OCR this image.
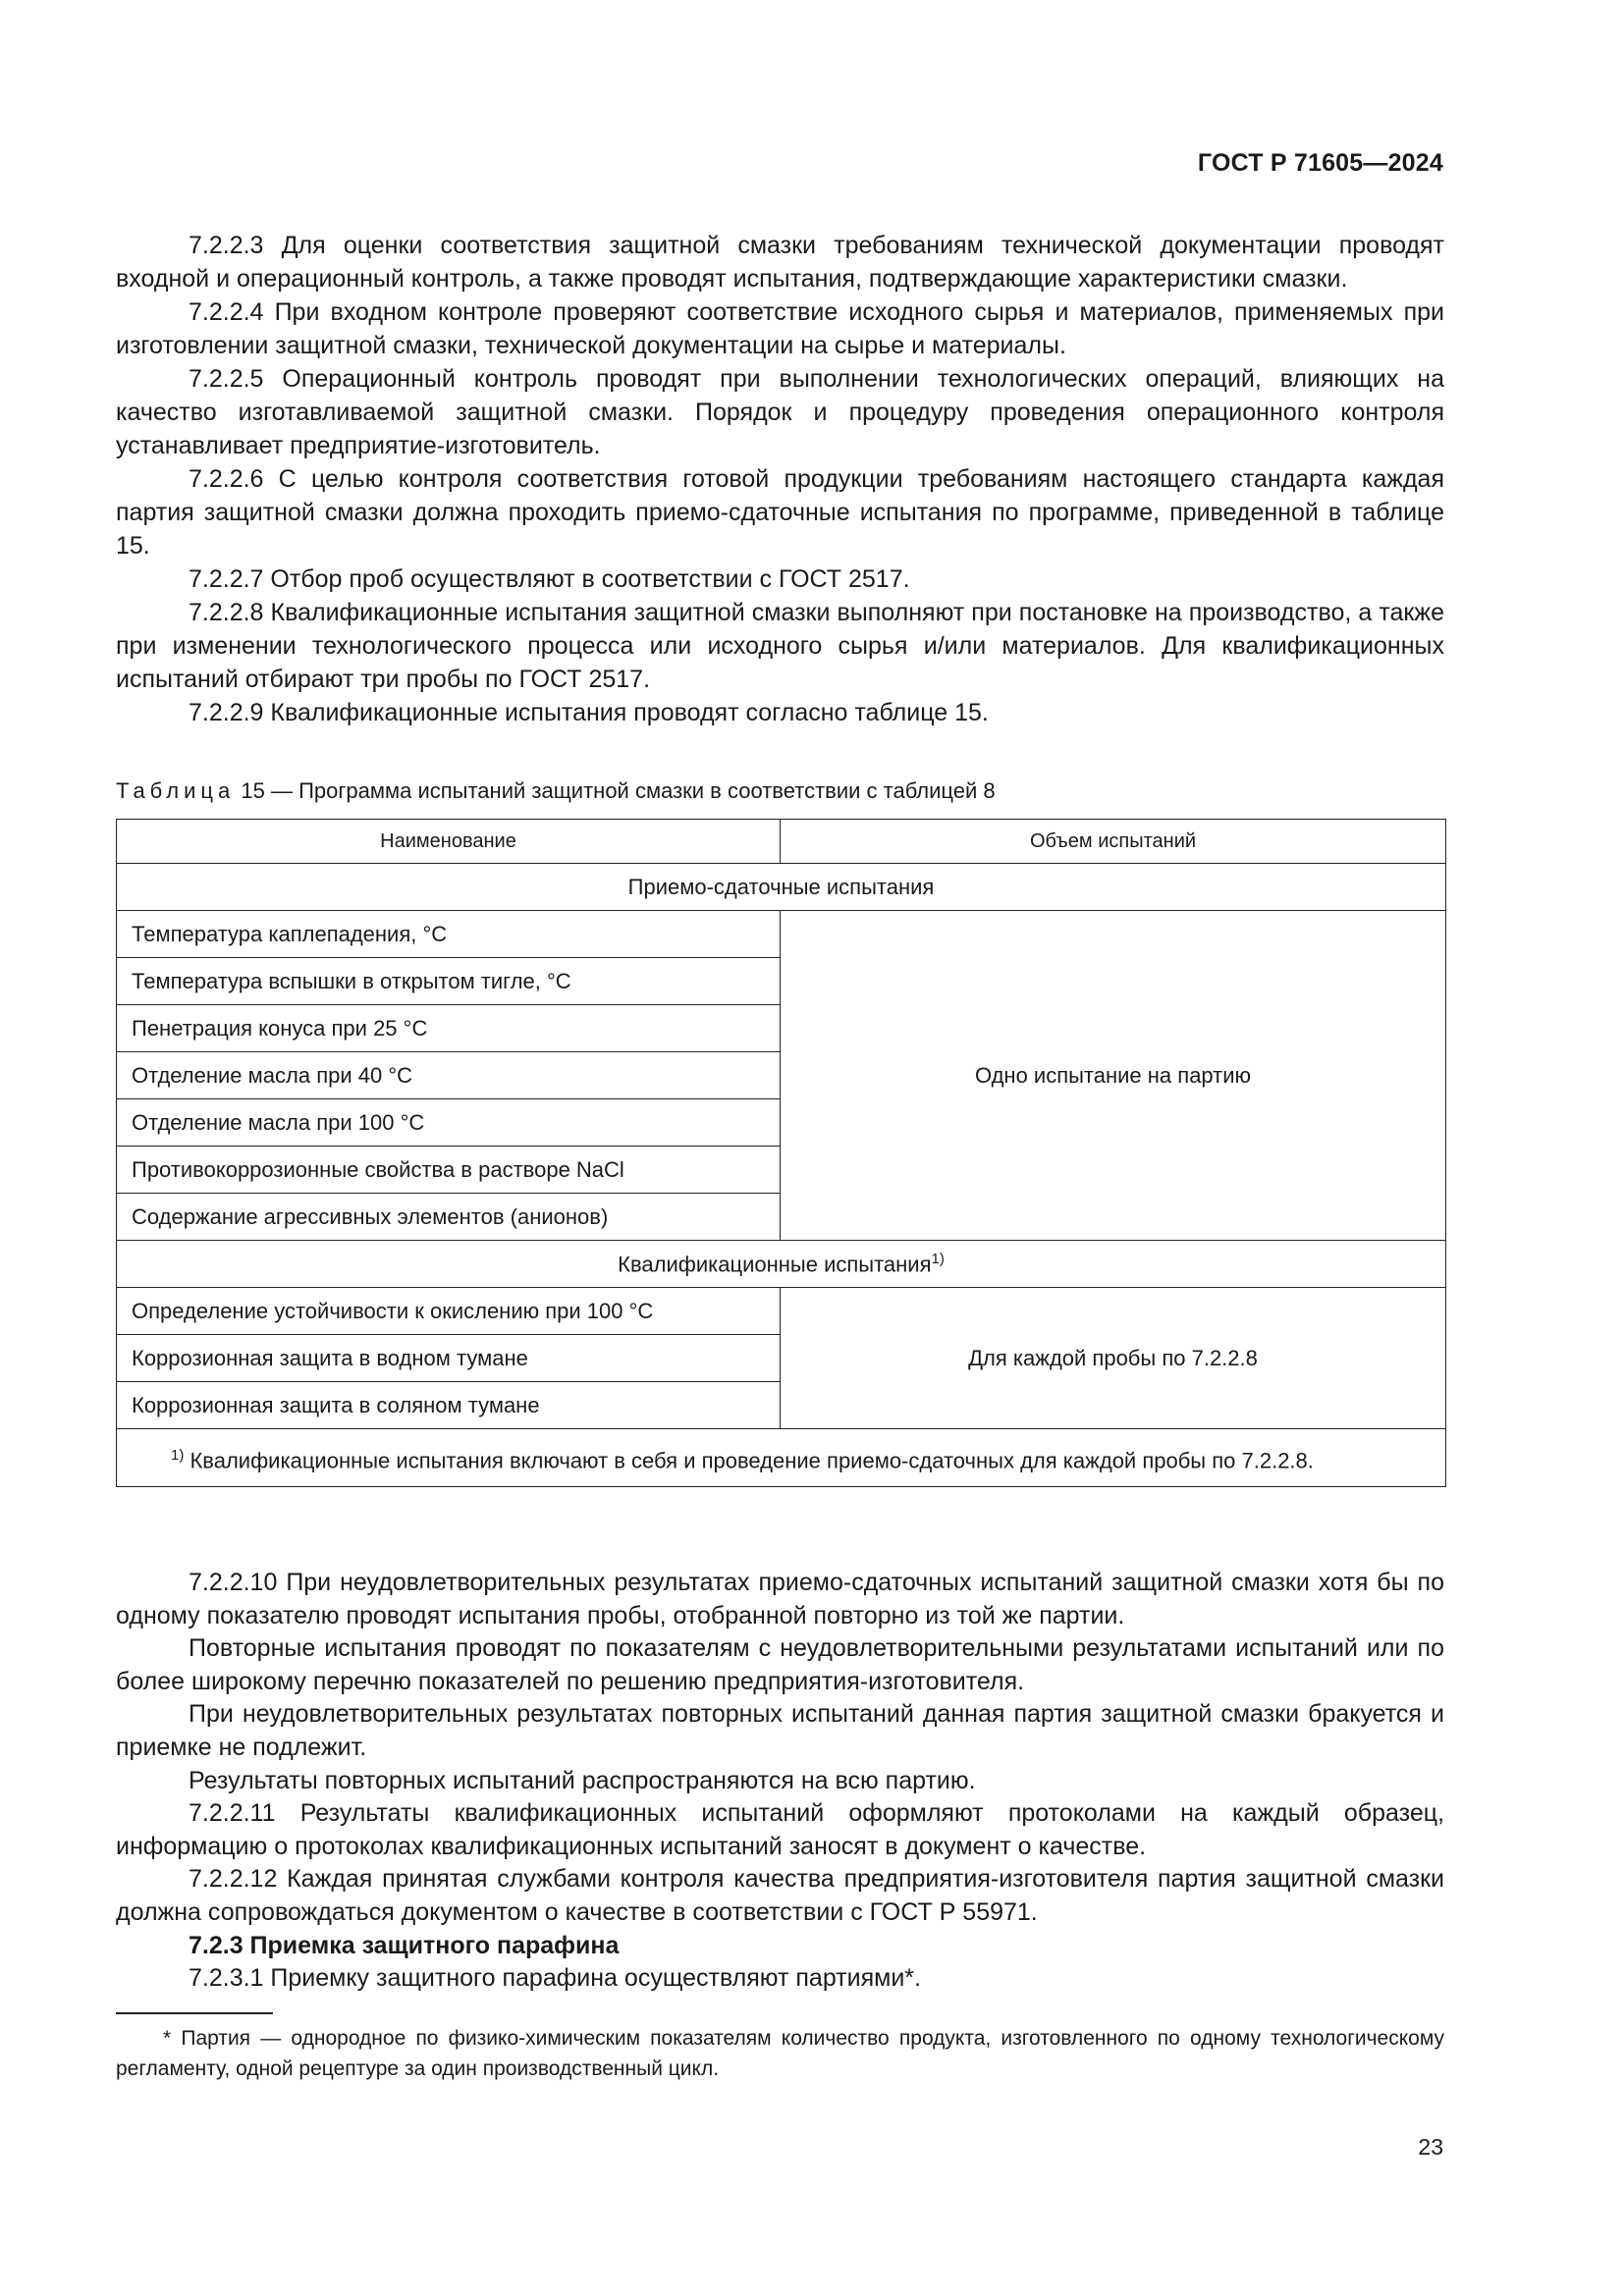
ГОСТ Р 71605—2024

7.2.2.3 Для оценки соответствия защитной смазки требованиям технической документации проводят входной и операционный контроль, а также проводят испытания, подтверждающие характеристики смазки.

7.2.2.4 При входном контроле проверяют соответствие исходного сырья и материалов, применяемых при изготовлении защитной смазки, технической документации на сырье и материалы.

7.2.2.5 Операционный контроль проводят при выполнении технологических операций, влияющих на качество изготавливаемой защитной смазки. Порядок и процедуру проведения операционного контроля устанавливает предприятие-изготовитель.

7.2.2.6 С целью контроля соответствия готовой продукции требованиям настоящего стандарта каждая партия защитной смазки должна проходить приемо-сдаточные испытания по программе, приведенной в таблице 15.

7.2.2.7 Отбор проб осуществляют в соответствии с ГОСТ 2517.

7.2.2.8 Квалификационные испытания защитной смазки выполняют при постановке на производство, а также при изменении технологического процесса или исходного сырья и/или материалов. Для квалификационных испытаний отбирают три пробы по ГОСТ 2517.

7.2.2.9 Квалификационные испытания проводят согласно таблице 15.

Таблица 15 — Программа испытаний защитной смазки в соответствии с таблицей 8
Наименование	Объем испытаний
Приемо-сдаточные испытания	
Температура каплепадения, °С	Одно испытание на партию
Температура вспышки в открытом тигле, °С	
Пенетрация конуса при 25 °С	
Отделение масла при 40 °С	
Отделение масла при 100 °С	
Противокоррозионные свойства в растворе NaCl	
Содержание агрессивных элементов (анионов)	
Квалификационные испытания$^{1)}$
Определение устойчивости к окислению при 100 °С	Для каждой пробы по 7.2.2.8
Коррозионная защита в водном тумане	
Коррозионная защита в соляном тумане	
$^{1)}$ Квалификационные испытания включают в себя и проведение приемо-сдаточных для каждой пробы по 7.2.2.8.	

7.2.2.10 При неудовлетворительных результатах приемо-сдаточных испытаний защитной смазки хотя бы по одному показателю проводят испытания пробы, отобранной повторно из той же партии.

Повторные испытания проводят по показателям с неудовлетворительными результатами испытаний или по более широкому перечню показателей по решению предприятия-изготовителя.

При неудовлетворительных результатах повторных испытаний данная партия защитной смазки бракуется и приемке не подлежит.

Результаты повторных испытаний распространяются на всю партию.

7.2.2.11 Результаты квалификационных испытаний оформляют протоколами на каждый образец, информацию о протоколах квалификационных испытаний заносят в документ о качестве.

7.2.2.12 Каждая принятая службами контроля качества предприятия-изготовителя партия защитной смазки должна сопровождаться документом о качестве в соответствии с ГОСТ Р 55971.

7.2.3 Приемка защитного парафина

7.2.3.1 Приемку защитного парафина осуществляют партиями*.

* Партия — однородное по физико-химическим показателям количество продукта, изготовленного по одному технологическому регламенту, одной рецептуре за один производственный цикл.

23
